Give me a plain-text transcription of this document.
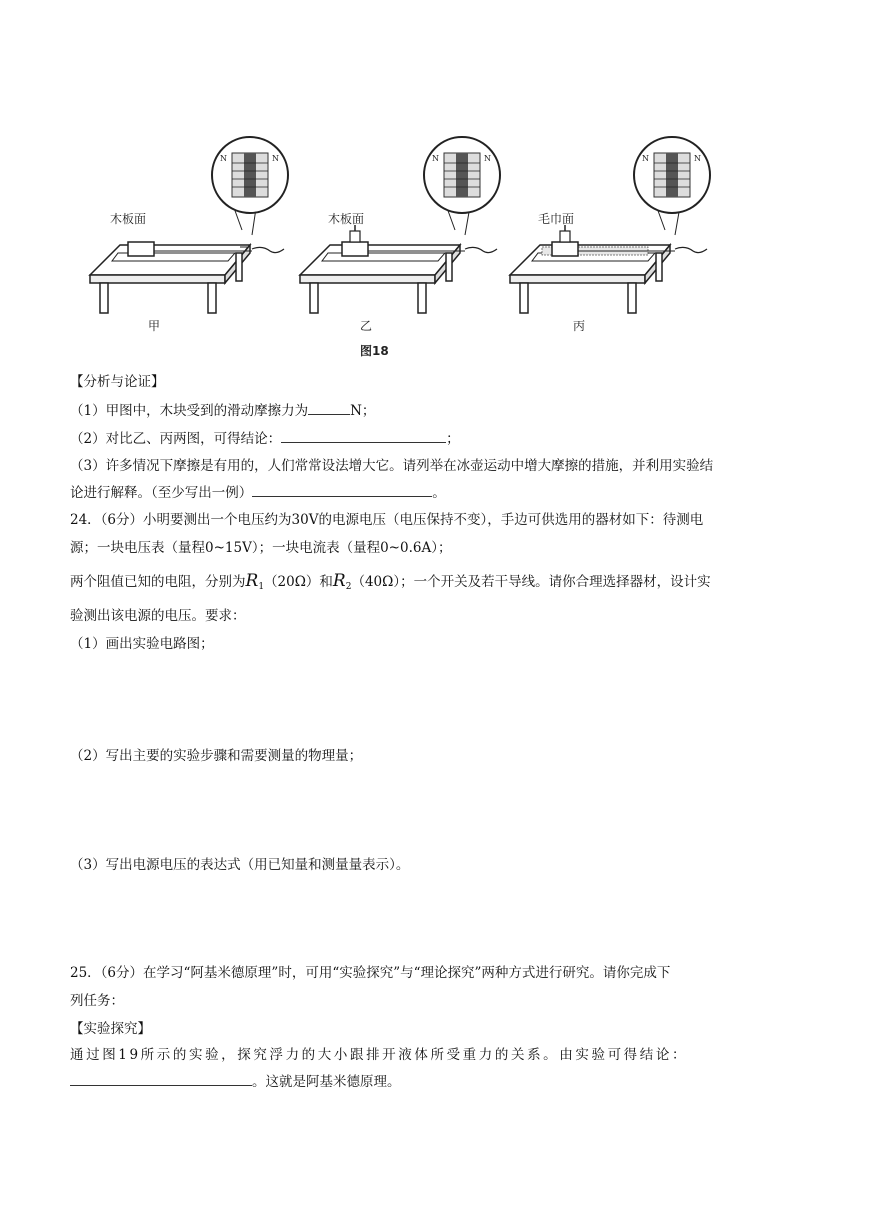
N	N
木板面
甲
木板面
乙
毛巾面
丙
图18
【分析与论证】
（1）甲图中，木块受到的滑动摩擦力为	N；
（2）对比乙、丙两图，可得结论：	；
（3）许多情况下摩擦是有用的，人们常常设法增大它。请列举在冰壶运动中增大摩擦的措施，并利用实验结
论进行解释。（至少写出一例）	。
24．（6分）小明要测出一个电压约为30V的电源电压（电压保持不变），手边可供选用的器材如下：待测电
源；一块电压表（量程0~15V）；一块电流表（量程0~0.6A）；
两个阻值已知的电阻，分别为$R_1(20\Omega)$和$R_2(40\Omega)$；一个开关及若干导线。请你合理选择器材，设计实
验测出该电源的电压。要求：
（1）画出实验电路图；
（2）写出主要的实验步骤和需要测量的物理量；
（3）写出电源电压的表达式（用已知量和测量量表示）。
25．（6分）在学习“阿基米德原理”时，可用“实验探究”与“理论探究”两种方式进行研究。请你完成下
列任务：
【实验探究】
通过图19所示的实验，探究浮力的大小跟排开液体所受重力的关系。由实验可得结论：
。这就是阿基米德原理。
